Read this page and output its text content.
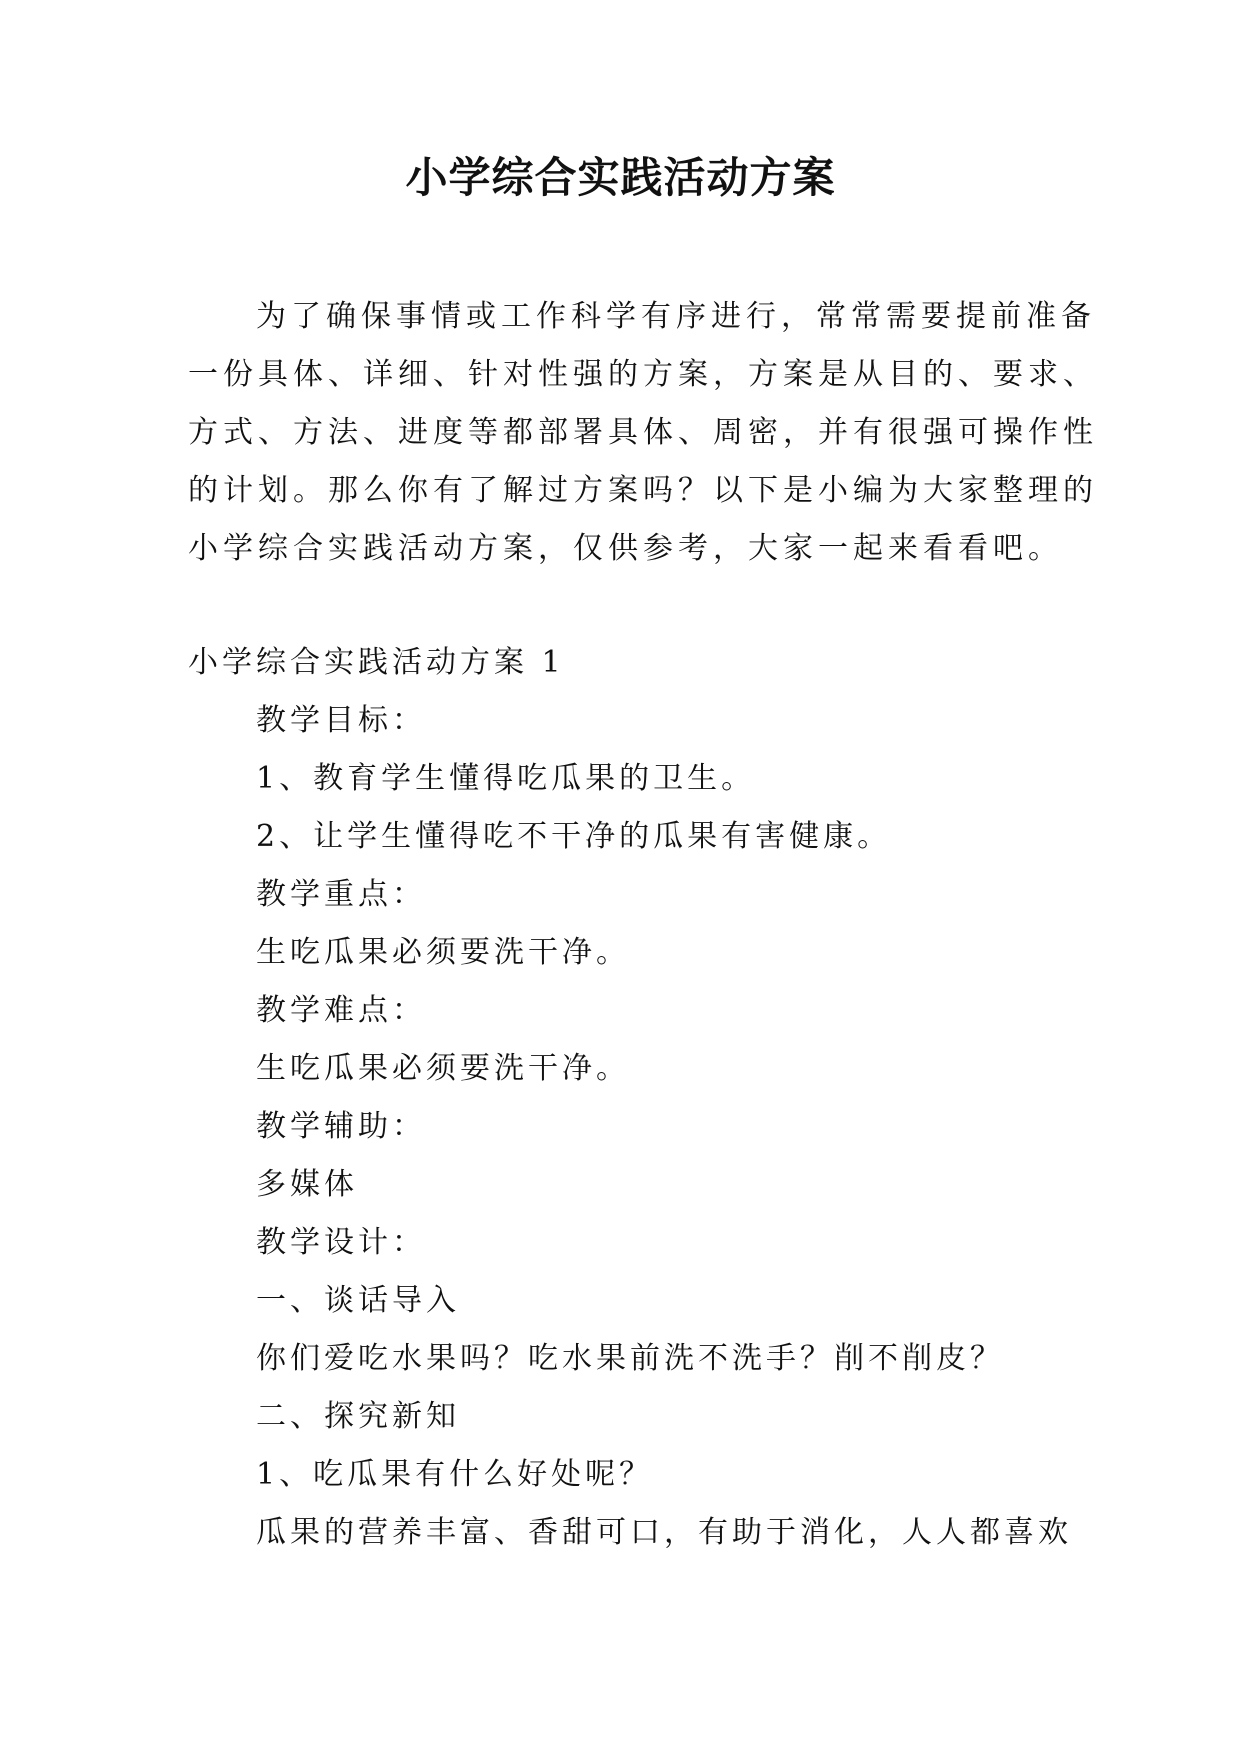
小学综合实践活动方案
为了确保事情或工作科学有序进行，常常需要提前准备
一份具体、详细、针对性强的方案，方案是从目的、要求、
方式、方法、进度等都部署具体、周密，并有很强可操作性
的计划。那么你有了解过方案吗？以下是小编为大家整理的
小学综合实践活动方案，仅供参考，大家一起来看看吧。
小学综合实践活动方案 1
教学目标：
1、教育学生懂得吃瓜果的卫生。
2、让学生懂得吃不干净的瓜果有害健康。
教学重点：
生吃瓜果必须要洗干净。
教学难点：
生吃瓜果必须要洗干净。
教学辅助：
多媒体
教学设计：
一、谈话导入
你们爱吃水果吗？吃水果前洗不洗手？削不削皮？
二、探究新知
1、吃瓜果有什么好处呢？
瓜果的营养丰富、香甜可口，有助于消化，人人都喜欢
